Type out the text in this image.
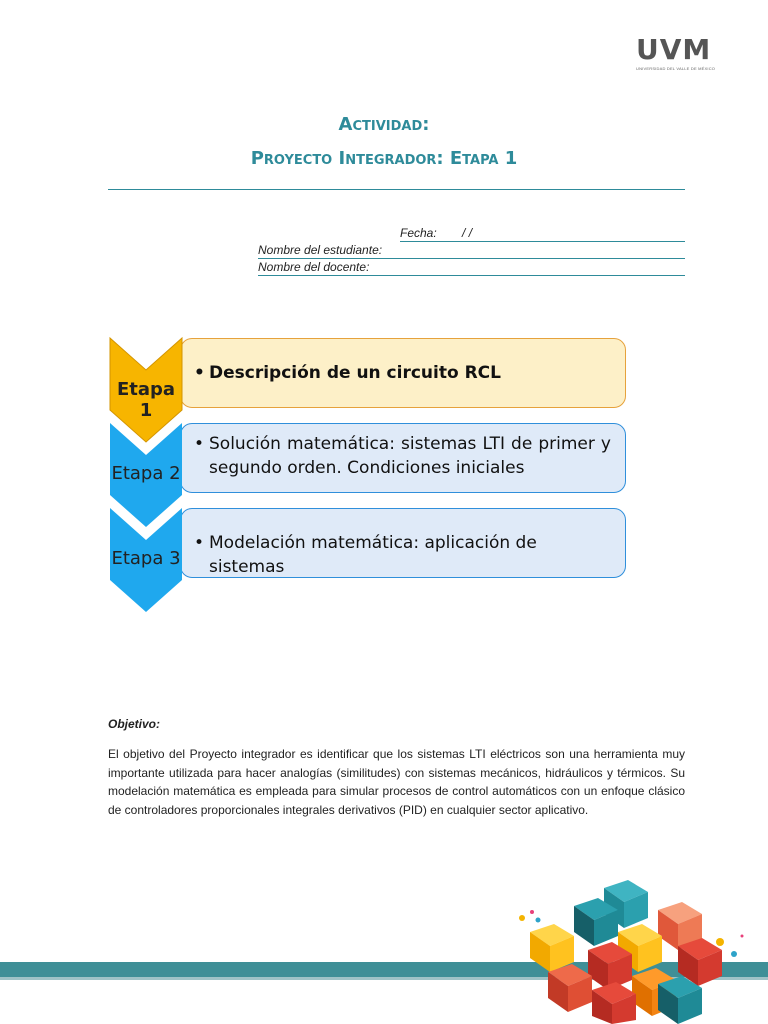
UVM
UNIVERSIDAD DEL VALLE DE MÉXICO
Actividad:
Proyecto Integrador: Etapa 1
Fecha: / /
Nombre del estudiante:
Nombre del docente:
• Descripción de un circuito RCL
• Solución matemática: sistemas LTI de primer y segundo orden. Condiciones iniciales
• Modelación matemática: aplicación de sistemas
Etapa 1
Etapa 2
Etapa 3
Objetivo:
El objetivo del Proyecto integrador es identificar que los sistemas LTI eléctricos son una herramienta muy importante utilizada para hacer analogías (similitudes) con sistemas mecánicos, hidráulicos y térmicos. Su modelación matemática es empleada para simular procesos de control automáticos con un enfoque clásico de controladores proporcionales integrales derivativos (PID) en cualquier sector aplicativo.
